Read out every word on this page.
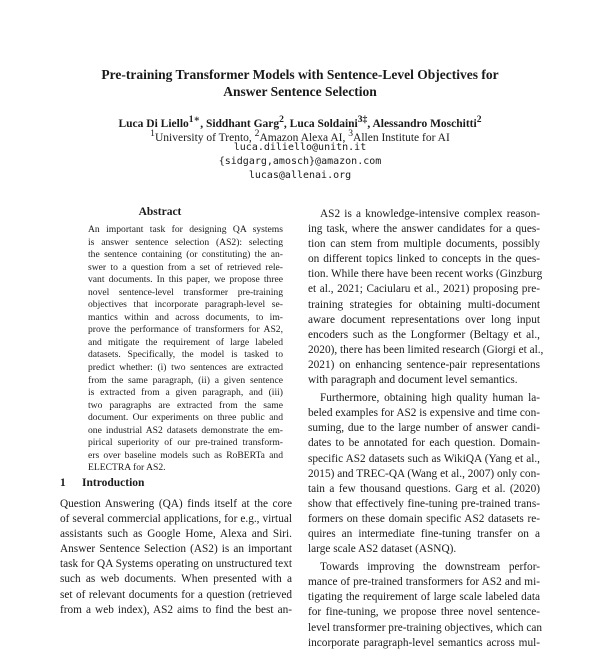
Pre-training Transformer Models with Sentence-Level Objectives for
Answer Sentence Selection
Luca Di Liello$^{1∗}$, Siddhant Garg$^2$, Luca Soldaini$^{3\ddagger}$, Alessandro Moschitti$^2$
$^1$University of Trento, $^2$Amazon Alexa AI, $^3$Allen Institute for AI
luca.diliello@unitn.it
{sidgarg,amosch}@amazon.com
lucas@allenai.org
Abstract
An important task for designing QA systems
is answer sentence selection (AS2): selecting
the sentence containing (or constituting) the an-
swer to a question from a set of retrieved rele-
vant documents. In this paper, we propose three
novel sentence-level transformer pre-training
objectives that incorporate paragraph-level se-
mantics within and across documents, to im-
prove the performance of transformers for AS2,
and mitigate the requirement of large labeled
datasets. Specifically, the model is tasked to
predict whether: (i) two sentences are extracted
from the same paragraph, (ii) a given sentence
is extracted from a given paragraph, and (iii)
two paragraphs are extracted from the same
document. Our experiments on three public and
one industrial AS2 datasets demonstrate the em-
pirical superiority of our pre-trained transform-
ers over baseline models such as RoBERTa and
ELECTRA for AS2.
1 Introduction
Question Answering (QA) finds itself at the core
of several commercial applications, for e.g., virtual
assistants such as Google Home, Alexa and Siri.
Answer Sentence Selection (AS2) is an important
task for QA Systems operating on unstructured text
such as web documents. When presented with a
set of relevant documents for a question (retrieved
from a web index), AS2 aims to find the best an-
AS2 is a knowledge-intensive complex reason-
ing task, where the answer candidates for a ques-
tion can stem from multiple documents, possibly
on different topics linked to concepts in the ques-
tion. While there have been recent works (Ginzburg
et al., 2021; Caciularu et al., 2021) proposing pre-
training strategies for obtaining multi-document
aware document representations over long input
encoders such as the Longformer (Beltagy et al.,
2020), there has been limited research (Giorgi et al.,
2021) on enhancing sentence-pair representations
with paragraph and document level semantics.
Furthermore, obtaining high quality human la-
beled examples for AS2 is expensive and time con-
suming, due to the large number of answer candi-
dates to be annotated for each question. Domain-
specific AS2 datasets such as WikiQA (Yang et al.,
2015) and TREC-QA (Wang et al., 2007) only con-
tain a few thousand questions. Garg et al. (2020)
show that effectively fine-tuning pre-trained trans-
formers on these domain specific AS2 datasets re-
quires an intermediate fine-tuning transfer on a
large scale AS2 dataset (ASNQ).
Towards improving the downstream perfor-
mance of pre-trained transformers for AS2 and mi-
tigating the requirement of large scale labeled data
for fine-tuning, we propose three novel sentence-
level transformer pre-training objectives, which can
incorporate paragraph-level semantics across mul-
